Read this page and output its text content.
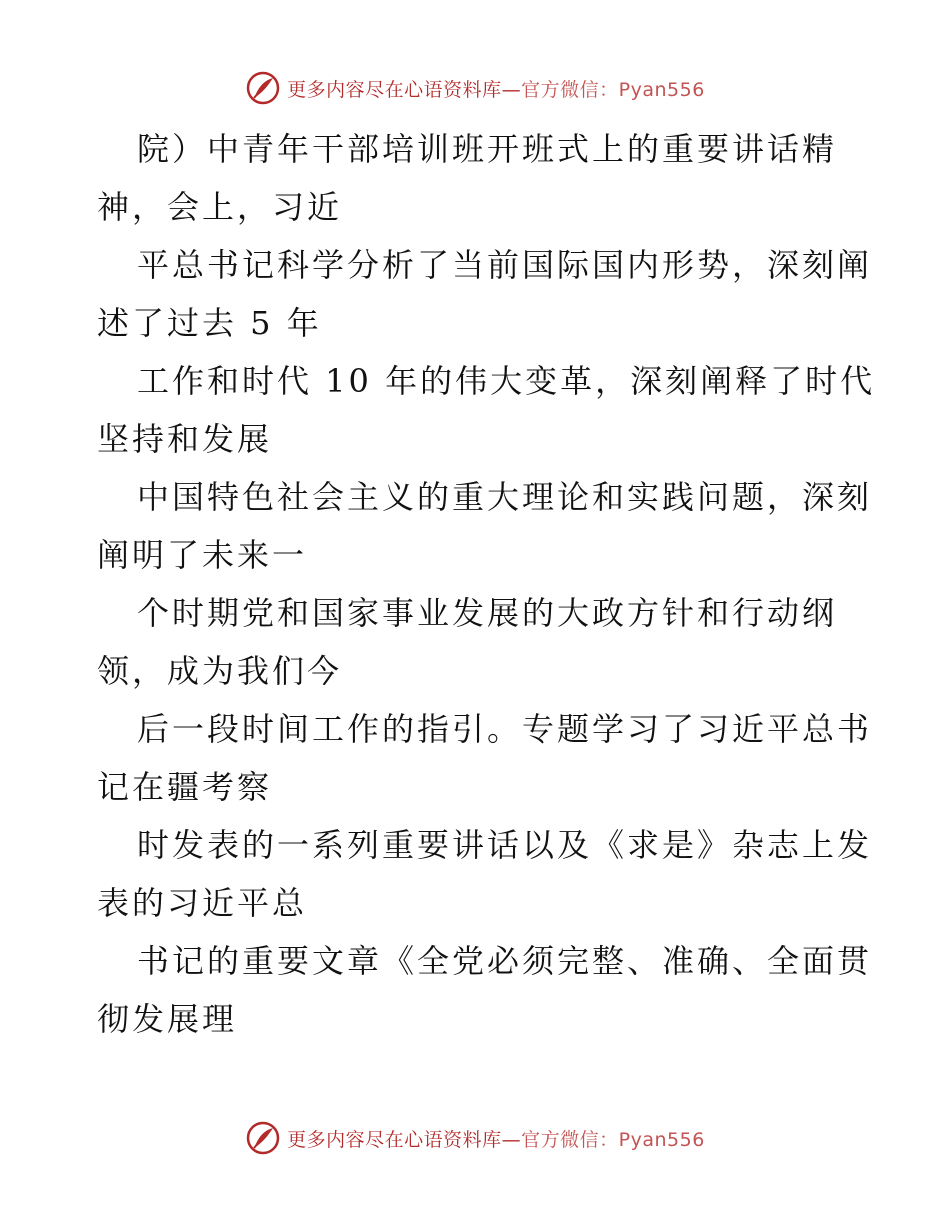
更多内容尽在心语资料库—官方微信：Pyan556
院）中青年干部培训班开班式上的重要讲话精
神，会上，习近
平总书记科学分析了当前国际国内形势，深刻阐
述了过去 5 年
工作和时代 10 年的伟大变革，深刻阐释了时代
坚持和发展
中国特色社会主义的重大理论和实践问题，深刻
阐明了未来一
个时期党和国家事业发展的大政方针和行动纲
领，成为我们今
后一段时间工作的指引。专题学习了习近平总书
记在疆考察
时发表的一系列重要讲话以及《求是》杂志上发
表的习近平总
书记的重要文章《全党必须完整、准确、全面贯
彻发展理
更多内容尽在心语资料库—官方微信：Pyan556
